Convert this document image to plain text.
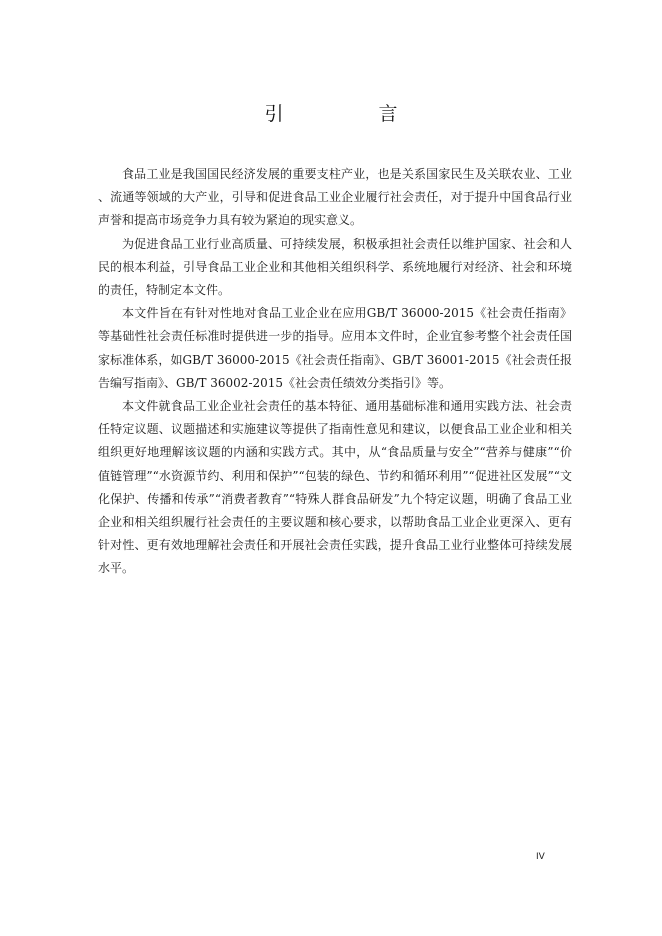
引　言

食品工业是我国国民经济发展的重要支柱产业，也是关系国家民生及关联农业、工业、流通等领域的大产业，引导和促进食品工业企业履行社会责任，对于提升中国食品行业声誉和提高市场竞争力具有较为紧迫的现实意义。

为促进食品工业行业高质量、可持续发展，积极承担社会责任以维护国家、社会和人民的根本利益，引导食品工业企业和其他相关组织科学、系统地履行对经济、社会和环境的责任，特制定本文件。

本文件旨在有针对性地对食品工业企业在应用GB/T 36000-2015《社会责任指南》等基础性社会责任标准时提供进一步的指导。应用本文件时，企业宜参考整个社会责任国家标准体系，如GB/T 36000-2015《社会责任指南》、GB/T 36001-2015《社会责任报告编写指南》、GB/T 36002-2015《社会责任绩效分类指引》等。

本文件就食品工业企业社会责任的基本特征、通用基础标准和通用实践方法、社会责任特定议题、议题描述和实施建议等提供了指南性意见和建议，以便食品工业企业和相关组织更好地理解该议题的内涵和实践方式。其中，从“食品质量与安全”“营养与健康”“价值链管理”“水资源节约、利用和保护”“包装的绿色、节约和循环利用”“促进社区发展”“文化保护、传播和传承”“消费者教育”“特殊人群食品研发”九个特定议题，明确了食品工业企业和相关组织履行社会责任的主要议题和核心要求，以帮助食品工业企业更深入、更有针对性、更有效地理解社会责任和开展社会责任实践，提升食品工业行业整体可持续发展水平。

IV
